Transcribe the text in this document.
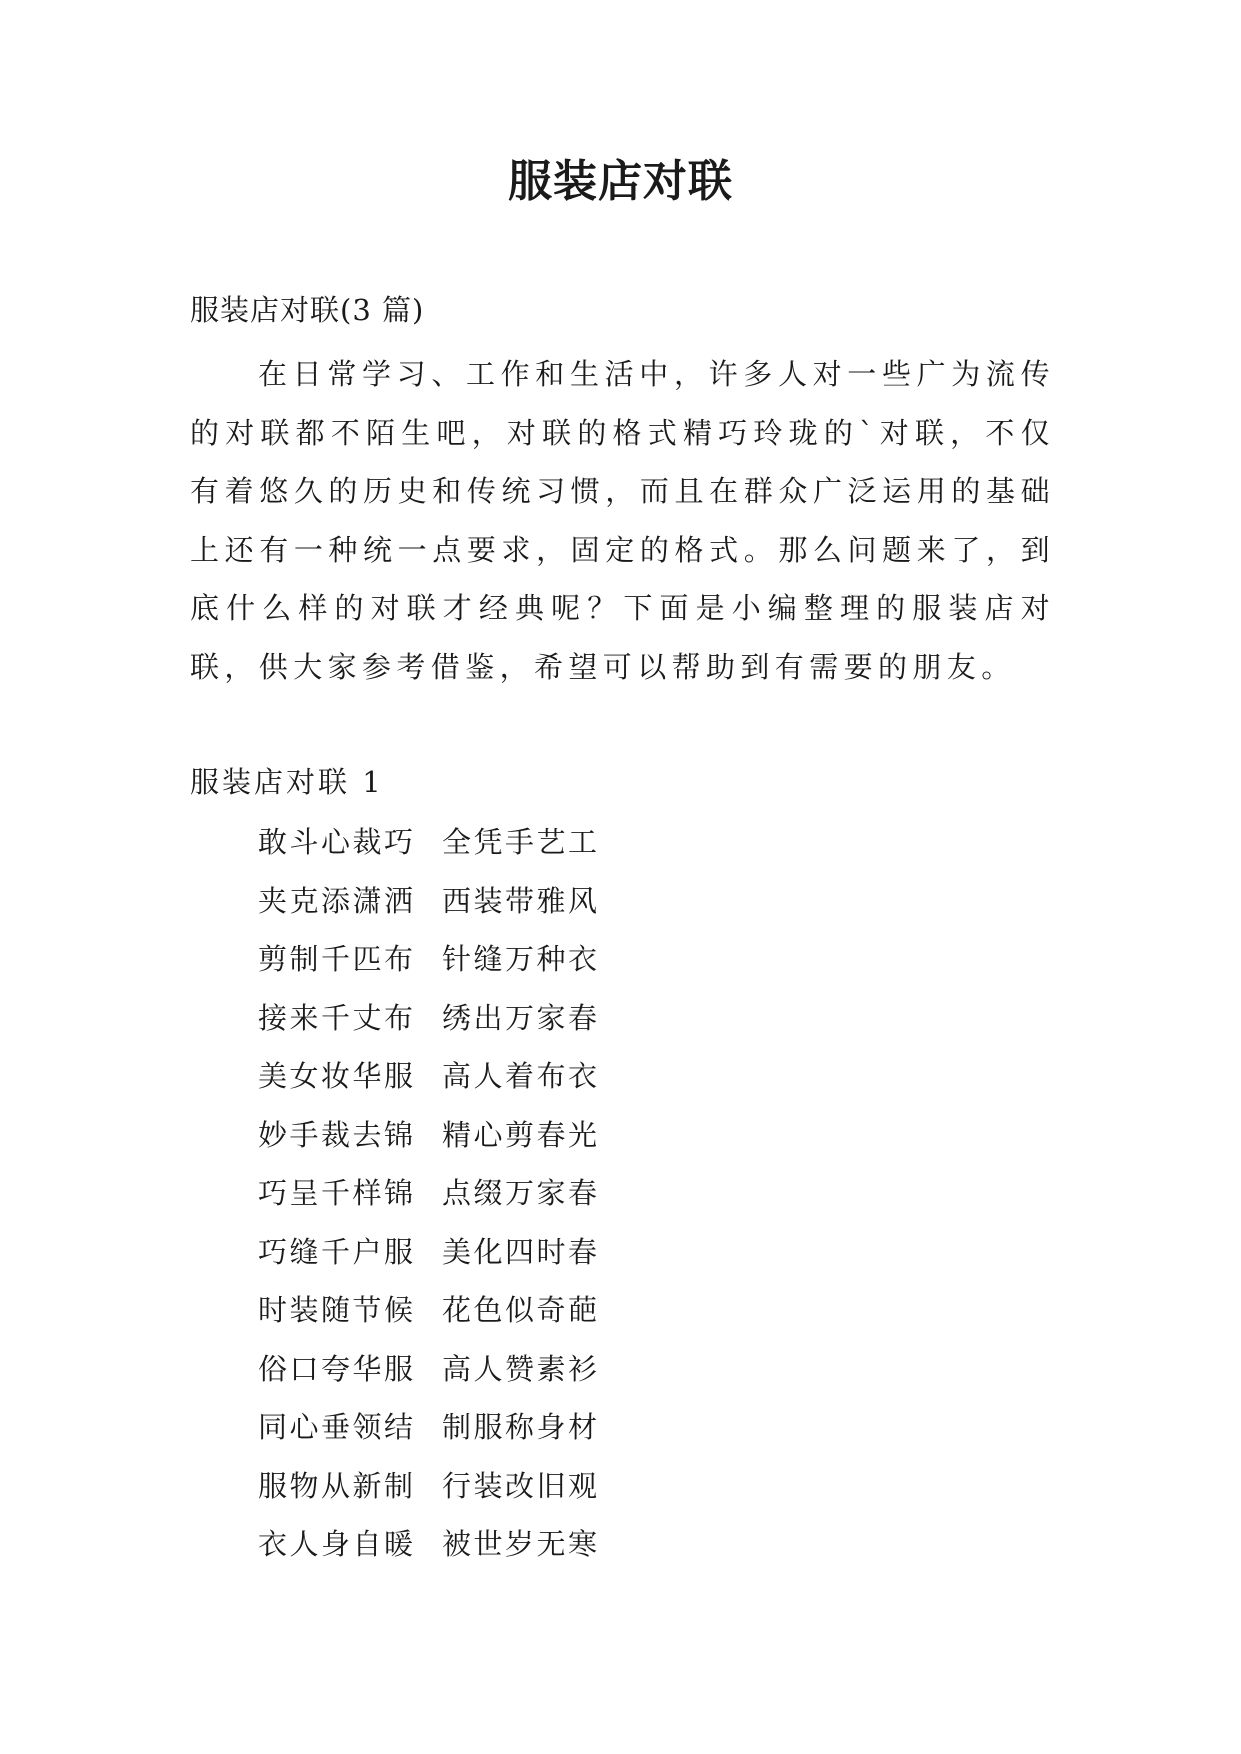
服装店对联
服装店对联(3 篇)

在日常学习、工作和生活中，许多人对一些广为流传的对联都不陌生吧，对联的格式精巧玲珑的`对联，不仅有着悠久的历史和传统习惯，而且在群众广泛运用的基础上还有一种统一点要求，固定的格式。那么问题来了，到底什么样的对联才经典呢？下面是小编整理的服装店对联，供大家参考借鉴，希望可以帮助到有需要的朋友。

服装店对联 1
敢斗心裁巧 全凭手艺工
夹克添潇洒 西装带雅风
剪制千匹布 针缝万种衣
接来千丈布 绣出万家春
美女妆华服 高人着布衣
妙手裁去锦 精心剪春光
巧呈千样锦 点缀万家春
巧缝千户服 美化四时春
时装随节候 花色似奇葩
俗口夸华服 高人赞素衫
同心垂领结 制服称身材
服物从新制 行装改旧观
衣人身自暖 被世岁无寒
